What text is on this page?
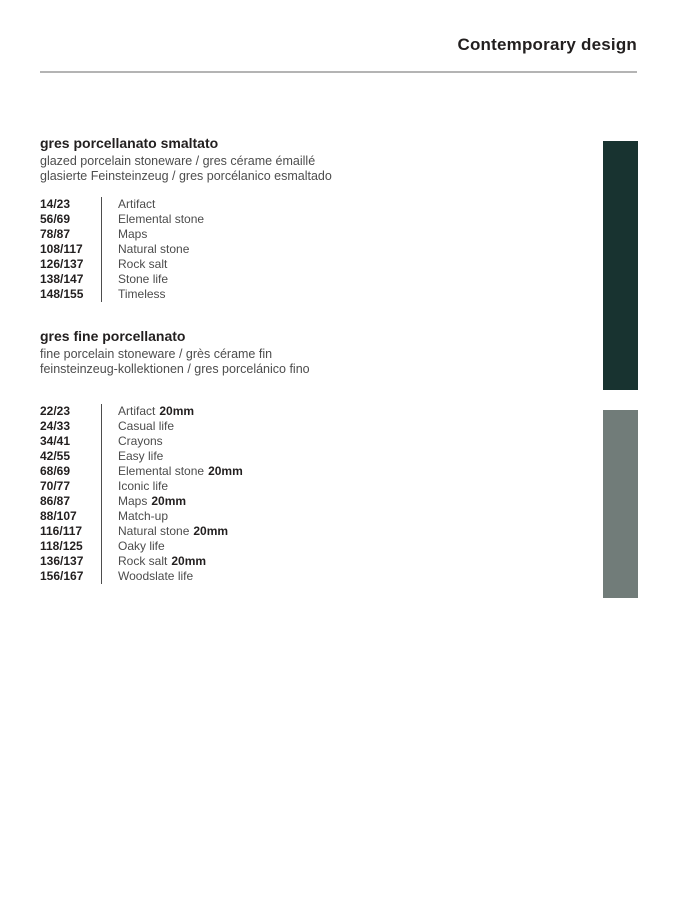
Contemporary design

gres porcellanato smaltato

glazed porcelain stoneware / gres cérame émaillé

glasierte Feinsteinzeug / gres porcélanico esmaltado

14/23	Artifact
56/69	Elemental stone
78/87	Maps
108/117	Natural stone
126/137	Rock salt
138/147	Stone life
148/155	Timeless

gres fine porcellanato

fine porcelain stoneware / grès cérame fin

feinsteinzeug-kollektionen / gres porcelánico fino

22/23	Artifact 20mm
24/33	Casual life
34/41	Crayons
42/55	Easy life
68/69	Elemental stone 20mm
70/77	Iconic life
86/87	Maps 20mm
88/107	Match-up
116/117	Natural stone 20mm
118/125	Oaky life
136/137	Rock salt 20mm
156/167	Woodslate life
